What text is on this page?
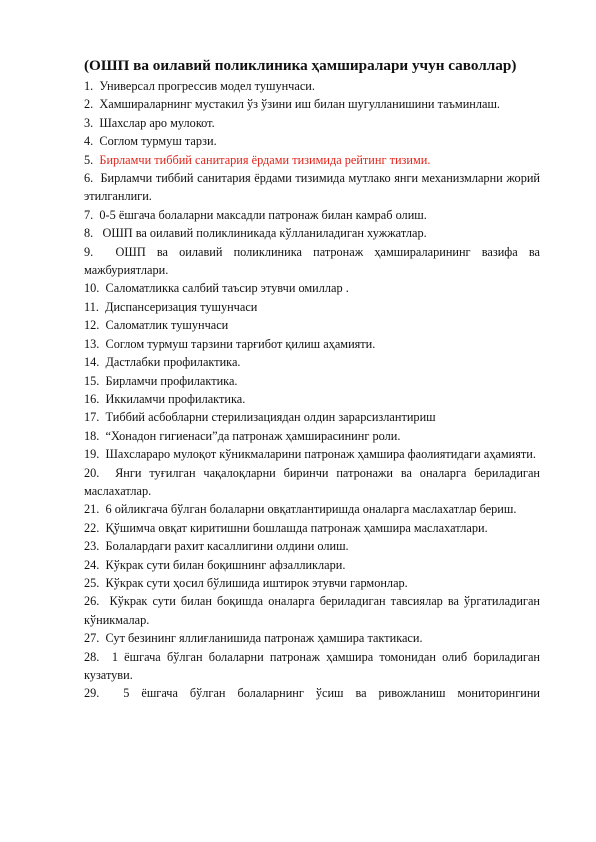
(ОШП ва оилавий поликлиника ҳамширалари учун саволлар)

1. Универсал прогрессив модел тушунчаси.

2. Хамшираларнинг мустакил ўз ўзини иш билан шугулланишини таъминлаш.

3. Шахслар аро мулокот.

4. Соглом турмуш тарзи.

5. Бирламчи тиббий санитария ёрдами тизимида рейтинг тизими.

6. Бирламчи тиббий санитария ёрдами тизимида мутлако янги механизмларни жорий этилганлиги.

7. 0-5 ёшгача болаларни максадли патронаж билан камраб олиш.

8. ОШП ва оилавий поликлиникада кўлланиладиган хужжатлар.

9. ОШП ва оилавий поликлиника патронаж ҳамшираларининг вазифа ва мажбуриятлари.

10. Саломатликка салбий таъсир этувчи омиллар .

11. Диспансеризация тушунчаси

12. Саломатлик тушунчаси

13. Соглом турмуш тарзини тарғибот қилиш аҳамияти.

14. Дастлабки профилактика.

15. Бирламчи профилактика.

16. Иккиламчи профилактика.

17. Тиббий асбобларни стерилизациядан олдин зарарсизлантириш

18. “Хонадон гигиенаси”да патронаж ҳамширасининг роли.

19. Шахслараро мулоқот кўникмаларини патронаж ҳамшира фаолиятидаги аҳамияти.

20. Янги туғилган чақалоқларни биринчи патронажи ва оналарга бериладиган маслахатлар.

21. 6 ойликгача бўлган болаларни овқатлантиришда оналарга маслахатлар бериш.

22. Қўшимча овқат киритишни бошлашда патронаж ҳамшира маслахатлари.

23. Болалардаги рахит касаллигини олдини олиш.

24. Кўкрак сути билан боқишнинг афзалликлари.

25. Кўкрак сути ҳосил бўлишида иштирок этувчи гармонлар.

26. Кўкрак сути билан боқишда оналарга бериладиган тавсиялар ва ўргатиладиган кўникмалар.

27. Сут безининг яллиғланишида патронаж ҳамшира тактикаси.

28. 1 ёшгача бўлган болаларни патронаж ҳамшира томонидан олиб бориладиган кузатуви.

29. 5 ёшгача бўлган болаларнинг ўсиш ва ривожланиш мониторингини
